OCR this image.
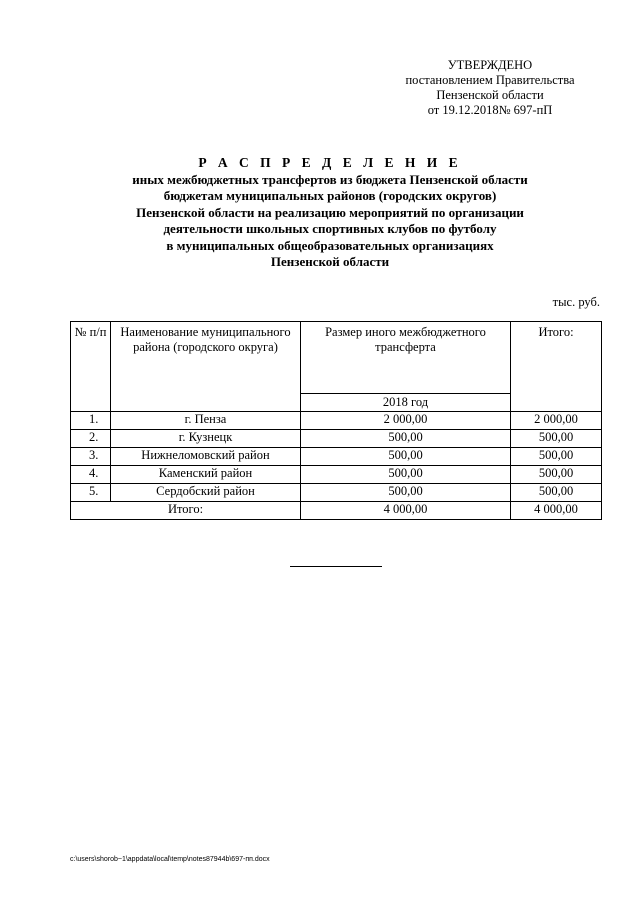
УТВЕРЖДЕНО
постановлением Правительства
Пензенской области
от 19.12.2018№ 697-пП
Р А С П Р Е Д Е Л Е Н И Е
иных межбюджетных трансфертов из бюджета Пензенской области
бюджетам муниципальных районов (городских округов)
Пензенской области на реализацию мероприятий по организации
деятельности школьных спортивных клубов по футболу
в муниципальных общеобразовательных организациях
Пензенской области
тыс. руб.
№ п/п	Наименование муниципального района (городского округа)	Размер иного межбюджетного трансферта	Итого:
		2018 год	
1.	г. Пенза	2 000,00	2 000,00
2.	г. Кузнецк	500,00	500,00
3.	Нижнеломовский район	500,00	500,00
4.	Каменский район	500,00	500,00
5.	Сердобский район	500,00	500,00
Итого:		4 000,00	4 000,00
c:\users\shorob~1\appdata\local\temp\notes87944b\697-пп.docx
